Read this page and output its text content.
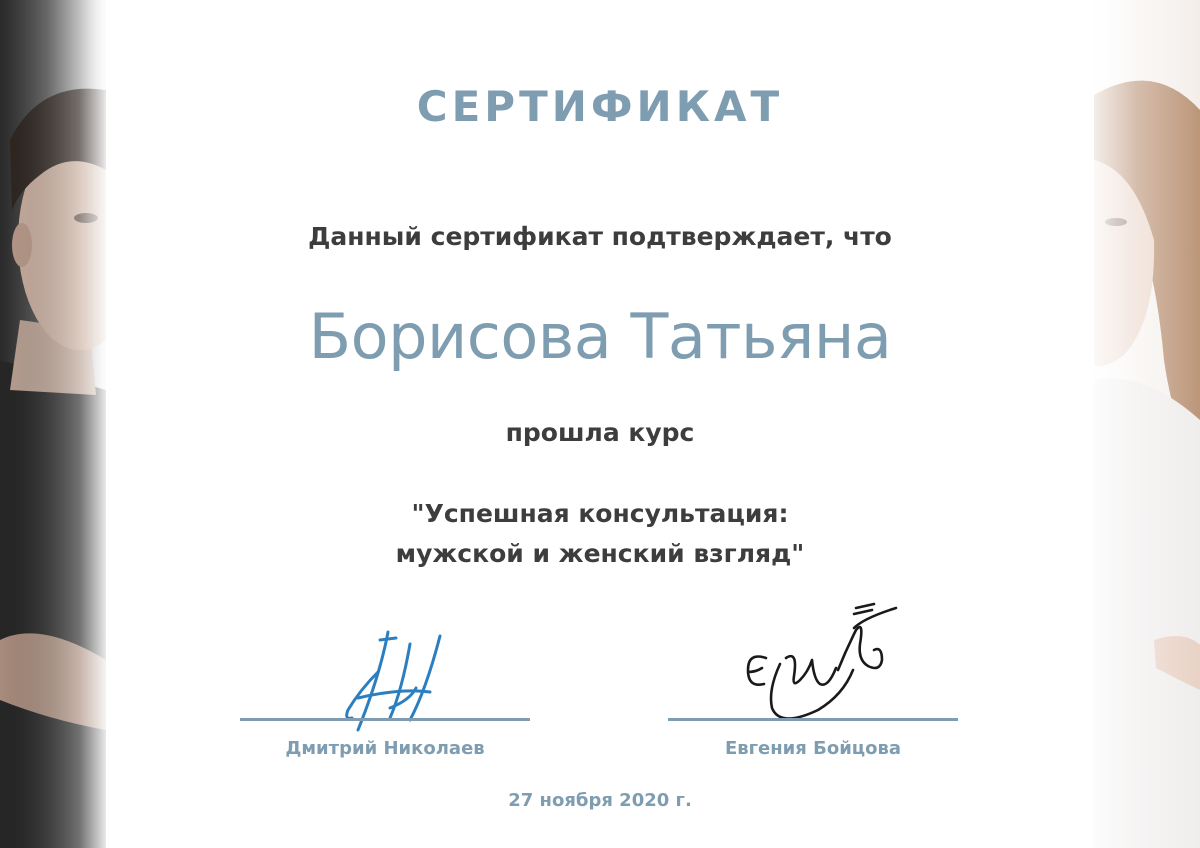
СЕРТИФИКАТ
Данный сертификат подтверждает, что
Борисова Татьяна
прошла курс
"Успешная консультация:
мужской и женский взгляд"
Дмитрий Николаев	Евгения Бойцова
27 ноября 2020 г.
